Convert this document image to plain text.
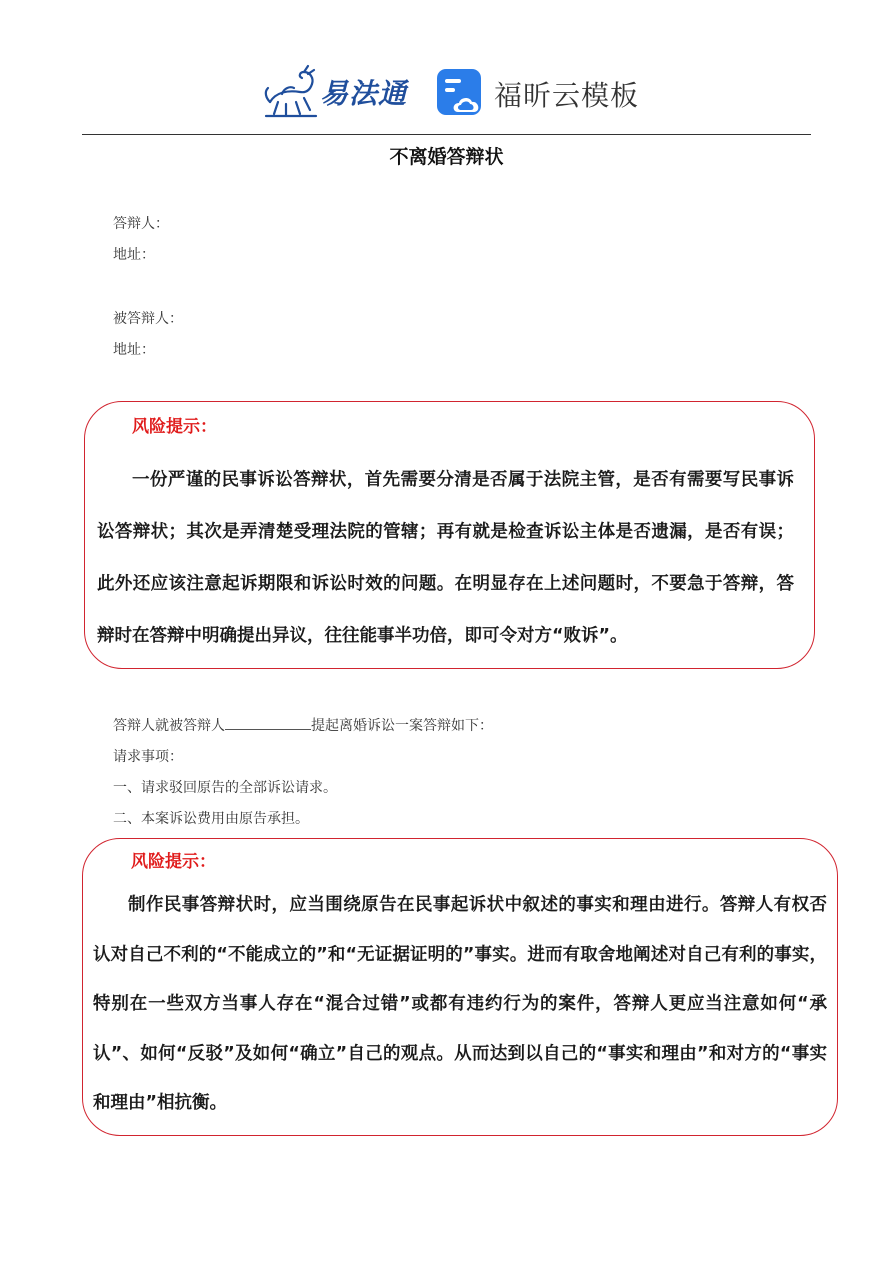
易法通	福昕云模板
不离婚答辩状
答辩人：
地址：
被答辩人：
地址：
风险提示：

一份严谨的民事诉讼答辩状，首先需要分清是否属于法院主管，是否有需要写民事诉讼答辩状；其次是弄清楚受理法院的管辖；再有就是检查诉讼主体是否遗漏，是否有误；此外还应该注意起诉期限和诉讼时效的问题。在明显存在上述问题时，不要急于答辩，答辩时在答辩中明确提出异议，往往能事半功倍，即可令对方“败诉”。

答辩人就被答辩人	提起离婚诉讼一案答辩如下：
请求事项：
一、请求驳回原告的全部诉讼请求。
二、本案诉讼费用由原告承担。
风险提示：

制作民事答辩状时，应当围绕原告在民事起诉状中叙述的事实和理由进行。答辩人有权否认对自己不利的“不能成立的”和“无证据证明的”事实。进而有取舍地阐述对自己有利的事实，特别在一些双方当事人存在“混合过错”或都有违约行为的案件，答辩人更应当注意如何“承认”、如何“反驳”及如何“确立”自己的观点。从而达到以自己的“事实和理由”和对方的“事实和理由”相抗衡。
